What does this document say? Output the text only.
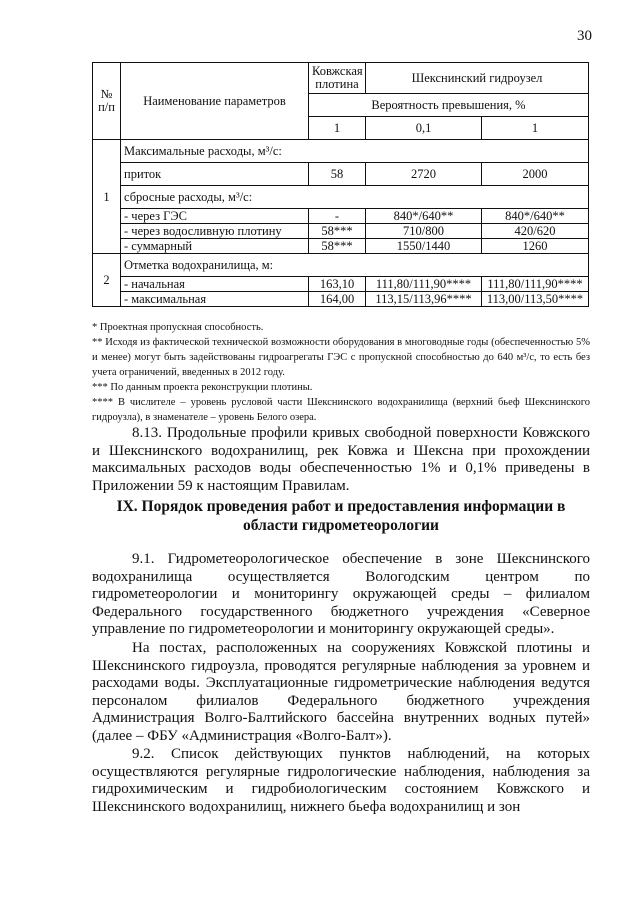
30
№ п/п	Наименование параметров	Ковжская плотина	Шекснинский гидроузел	
		Вероятность превышения, %		
		1	0,1	1
1	Максимальные расходы, м³/с:			
	приток	58	2720	2000
	сбросные расходы, м³/с:			
	- через ГЭС	-	840*/640**	840*/640**
	- через водосливную плотину	58***	710/800	420/620
	- суммарный	58***	1550/1440	1260
2	Отметка водохранилища, м:			
	- начальная	163,10	111,80/111,90****	111,80/111,90****
	- максимальная	164,00	113,15/113,96****	113,00/113,50****

* Проектная пропускная способность.

** Исходя из фактической технической возможности оборудования в многоводные годы (обеспеченностью 5% и менее) могут быть задействованы гидроагрегаты ГЭС с пропускной способностью до 640 м³/с, то есть без учета ограничений, введенных в 2012 году.

*** По данным проекта реконструкции плотины.

**** В числителе – уровень русловой части Шекснинского водохранилища (верхний бьеф Шекснинского гидроузла), в знаменателе – уровень Белого озера.

8.13. Продольные профили кривых свободной поверхности Ковжского и Шекснинского водохранилищ, рек Ковжа и Шексна при прохождении максимальных расходов воды обеспеченностью 1% и 0,1% приведены в Приложении 59 к настоящим Правилам.

IX. Порядок проведения работ и предоставления информации в области гидрометеорологии

9.1. Гидрометеорологическое обеспечение в зоне Шекснинского водохранилища осуществляется Вологодским центром по гидрометеорологии и мониторингу окружающей среды – филиалом Федерального государственного бюджетного учреждения «Северное управление по гидрометеорологии и мониторингу окружающей среды».

На постах, расположенных на сооружениях Ковжской плотины и Шекснинского гидроузла, проводятся регулярные наблюдения за уровнем и расходами воды. Эксплуатационные гидрометрические наблюдения ведутся персоналом филиалов Федерального бюджетного учреждения Администрация Волго-Балтийского бассейна внутренних водных путей» (далее – ФБУ «Администрация «Волго-Балт»).

9.2. Список действующих пунктов наблюдений, на которых осуществляются регулярные гидрологические наблюдения, наблюдения за гидрохимическим и гидробиологическим состоянием Ковжского и Шекснинского водохранилищ, нижнего бьефа водохранилищ и зон
